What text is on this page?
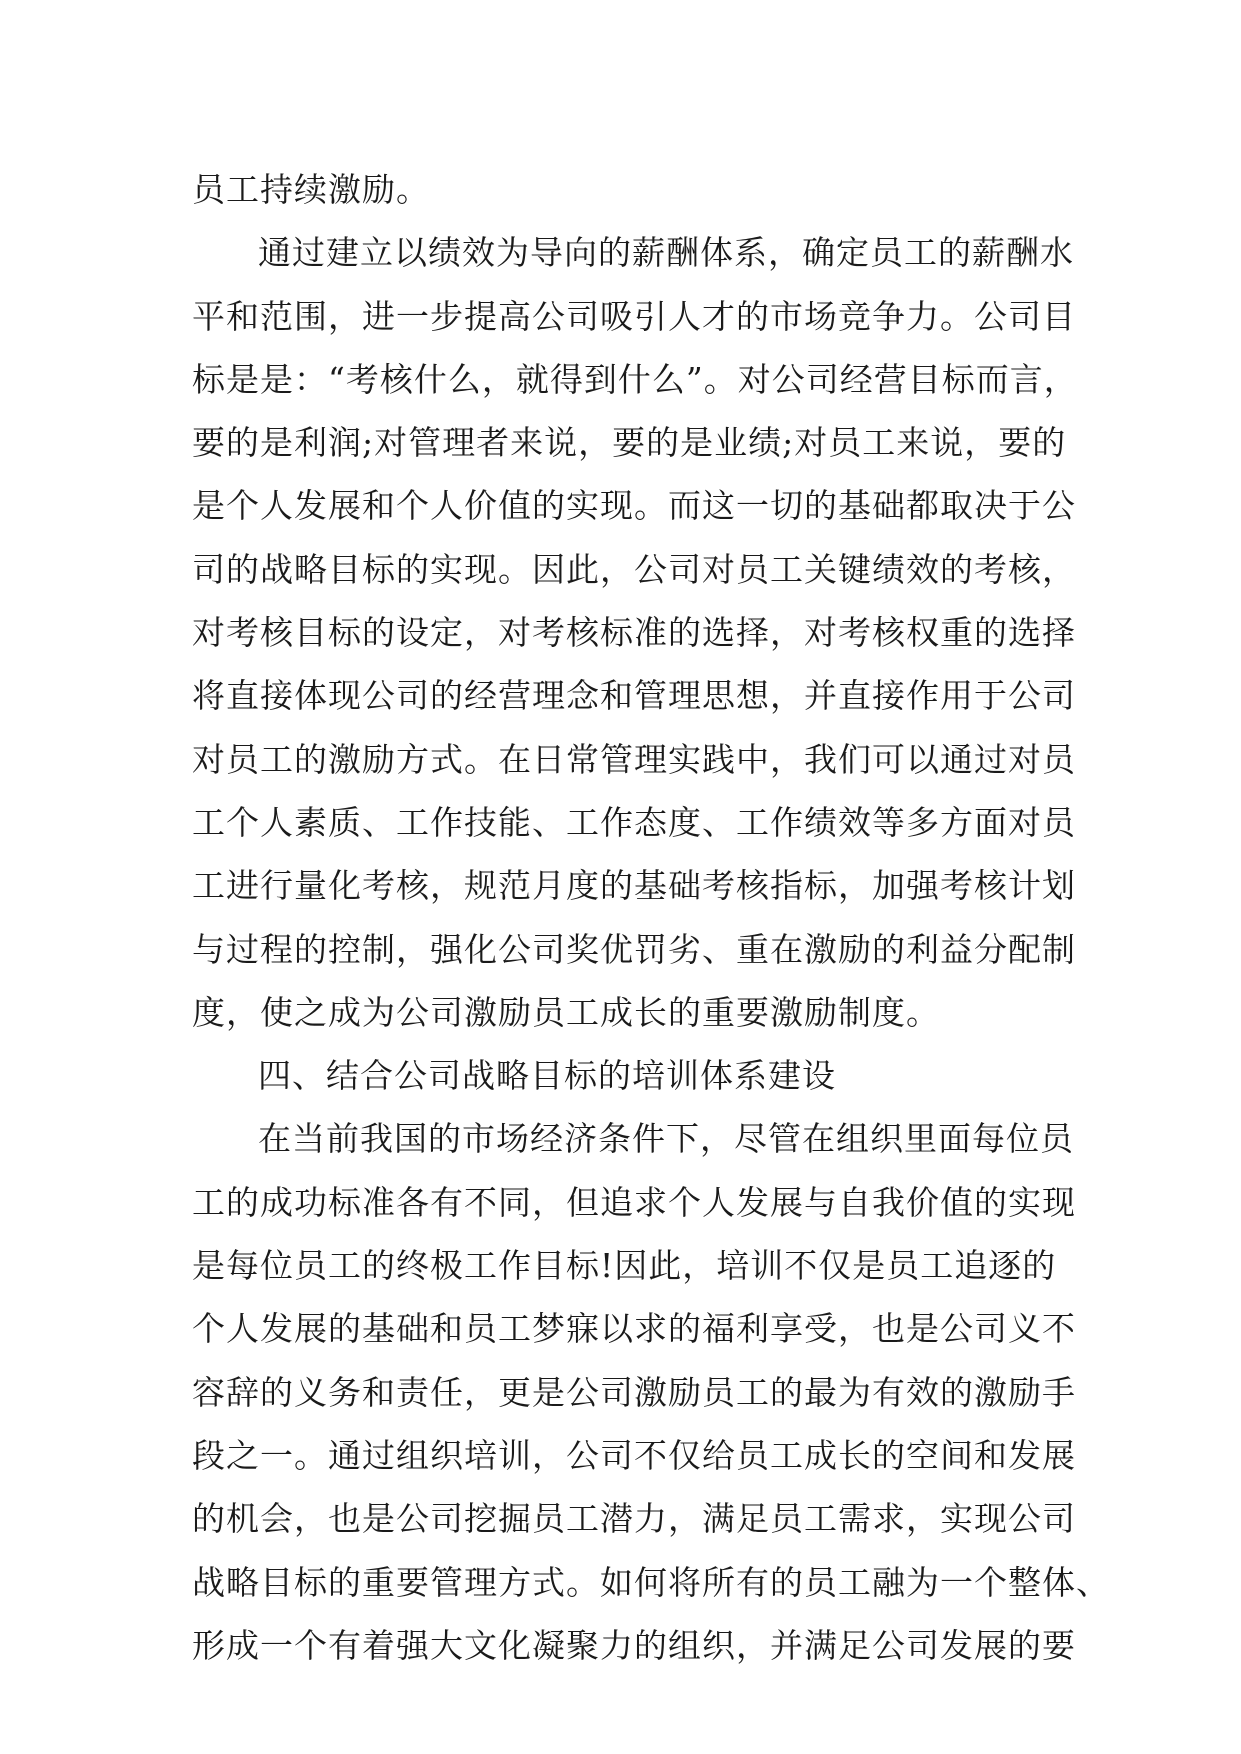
员工持续激励。
通过建立以绩效为导向的薪酬体系，确定员工的薪酬水
平和范围，进一步提高公司吸引人才的市场竞争力。公司目
标是是：“考核什么，就得到什么”。对公司经营目标而言，
要的是利润;对管理者来说，要的是业绩;对员工来说，要的
是个人发展和个人价值的实现。而这一切的基础都取决于公
司的战略目标的实现。因此，公司对员工关键绩效的考核，
对考核目标的设定，对考核标准的选择，对考核权重的选择
将直接体现公司的经营理念和管理思想，并直接作用于公司
对员工的激励方式。在日常管理实践中，我们可以通过对员
工个人素质、工作技能、工作态度、工作绩效等多方面对员
工进行量化考核，规范月度的基础考核指标，加强考核计划
与过程的控制，强化公司奖优罚劣、重在激励的利益分配制
度，使之成为公司激励员工成长的重要激励制度。
四、结合公司战略目标的培训体系建设
在当前我国的市场经济条件下，尽管在组织里面每位员
工的成功标准各有不同，但追求个人发展与自我价值的实现
是每位员工的终极工作目标!因此，培训不仅是员工追逐的
个人发展的基础和员工梦寐以求的福利享受，也是公司义不
容辞的义务和责任，更是公司激励员工的最为有效的激励手
段之一。通过组织培训，公司不仅给员工成长的空间和发展
的机会，也是公司挖掘员工潜力，满足员工需求，实现公司
战略目标的重要管理方式。如何将所有的员工融为一个整体、
形成一个有着强大文化凝聚力的组织，并满足公司发展的要
